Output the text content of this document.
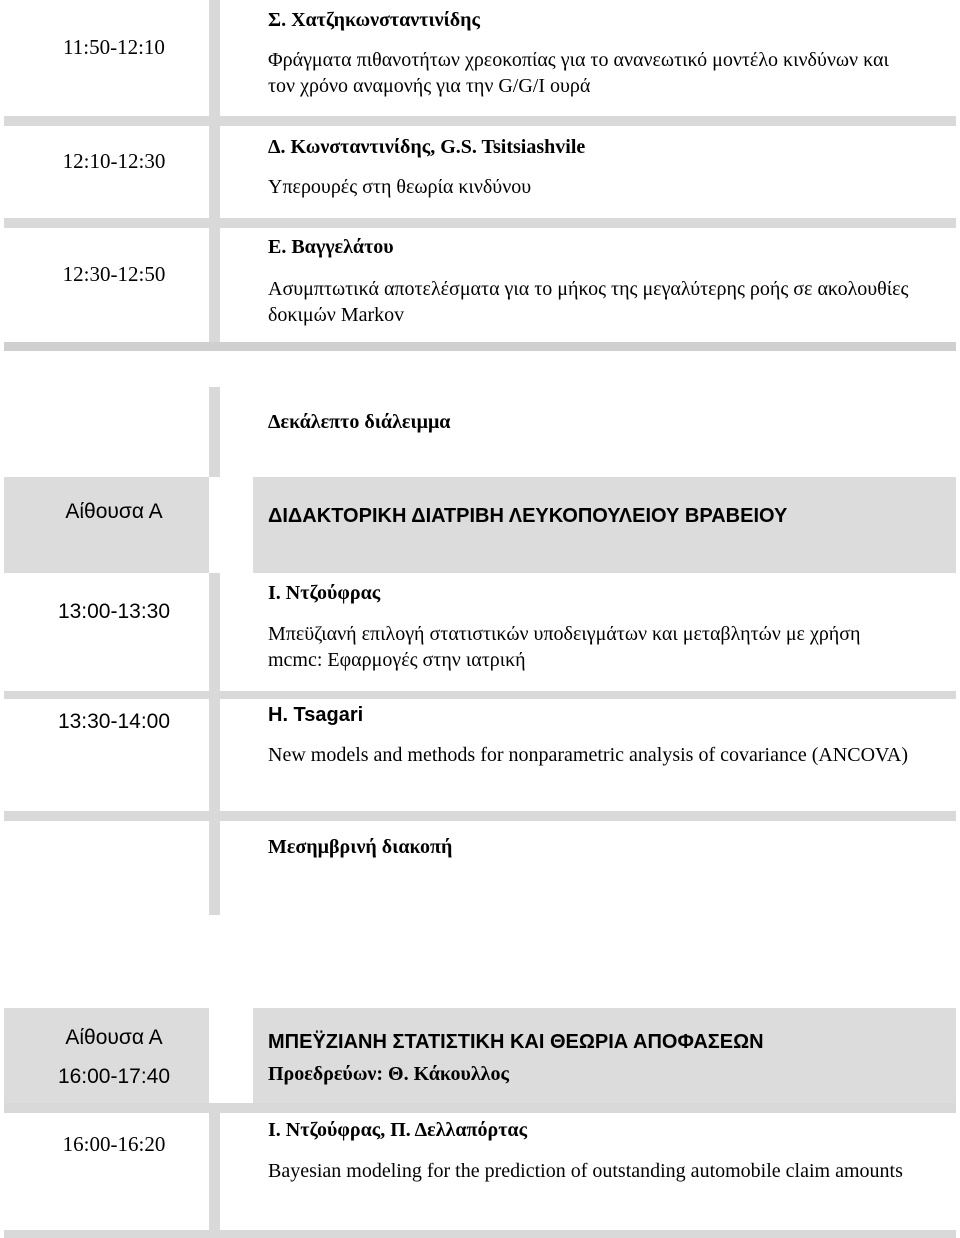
11:50-12:10
Σ. Χατζηκωνσταντινίδης
Φράγματα πιθανοτήτων χρεοκοπίας για το ανανεωτικό μοντέλο κινδύνων και τον χρόνο αναμονής για την G/G/I ουρά
12:10-12:30
Δ. Κωνσταντινίδης, G.S. Tsitsiashvile
Υπερουρές στη θεωρία κινδύνου
12:30-12:50
Ε. Βαγγελάτου
Ασυμπτωτικά αποτελέσματα για το μήκος της μεγαλύτερης ροής σε ακολουθίες δοκιμών Markov
Δεκάλεπτο διάλειμμα
Αίθουσα Α	ΔΙΔΑΚΤΟΡΙΚΗ ΔΙΑΤΡΙΒΗ ΛΕΥΚΟΠΟΥΛΕΙΟΥ ΒΡΑΒΕΙΟΥ
13:00-13:30
Ι. Ντζούφρας
Μπεϋζιανή επιλογή στατιστικών υποδειγμάτων και μεταβλητών με χρήση mcmc: Εφαρμογές στην ιατρική
13:30-14:00	H. Tsagari
New models and methods for nonparametric analysis of covariance (ANCOVA)
Μεσημβρινή διακοπή
Αίθουσα Α
16:00-17:40
ΜΠΕΫΖΙΑΝΗ ΣΤΑΤΙΣΤΙΚΗ ΚΑΙ ΘΕΩΡΙΑ ΑΠΟΦΑΣΕΩΝ
Προεδρεύων: Θ. Κάκουλλος
16:00-16:20
Ι. Ντζούφρας, Π. Δελλαπόρτας
Bayesian modeling for the prediction of outstanding automobile claim amounts
